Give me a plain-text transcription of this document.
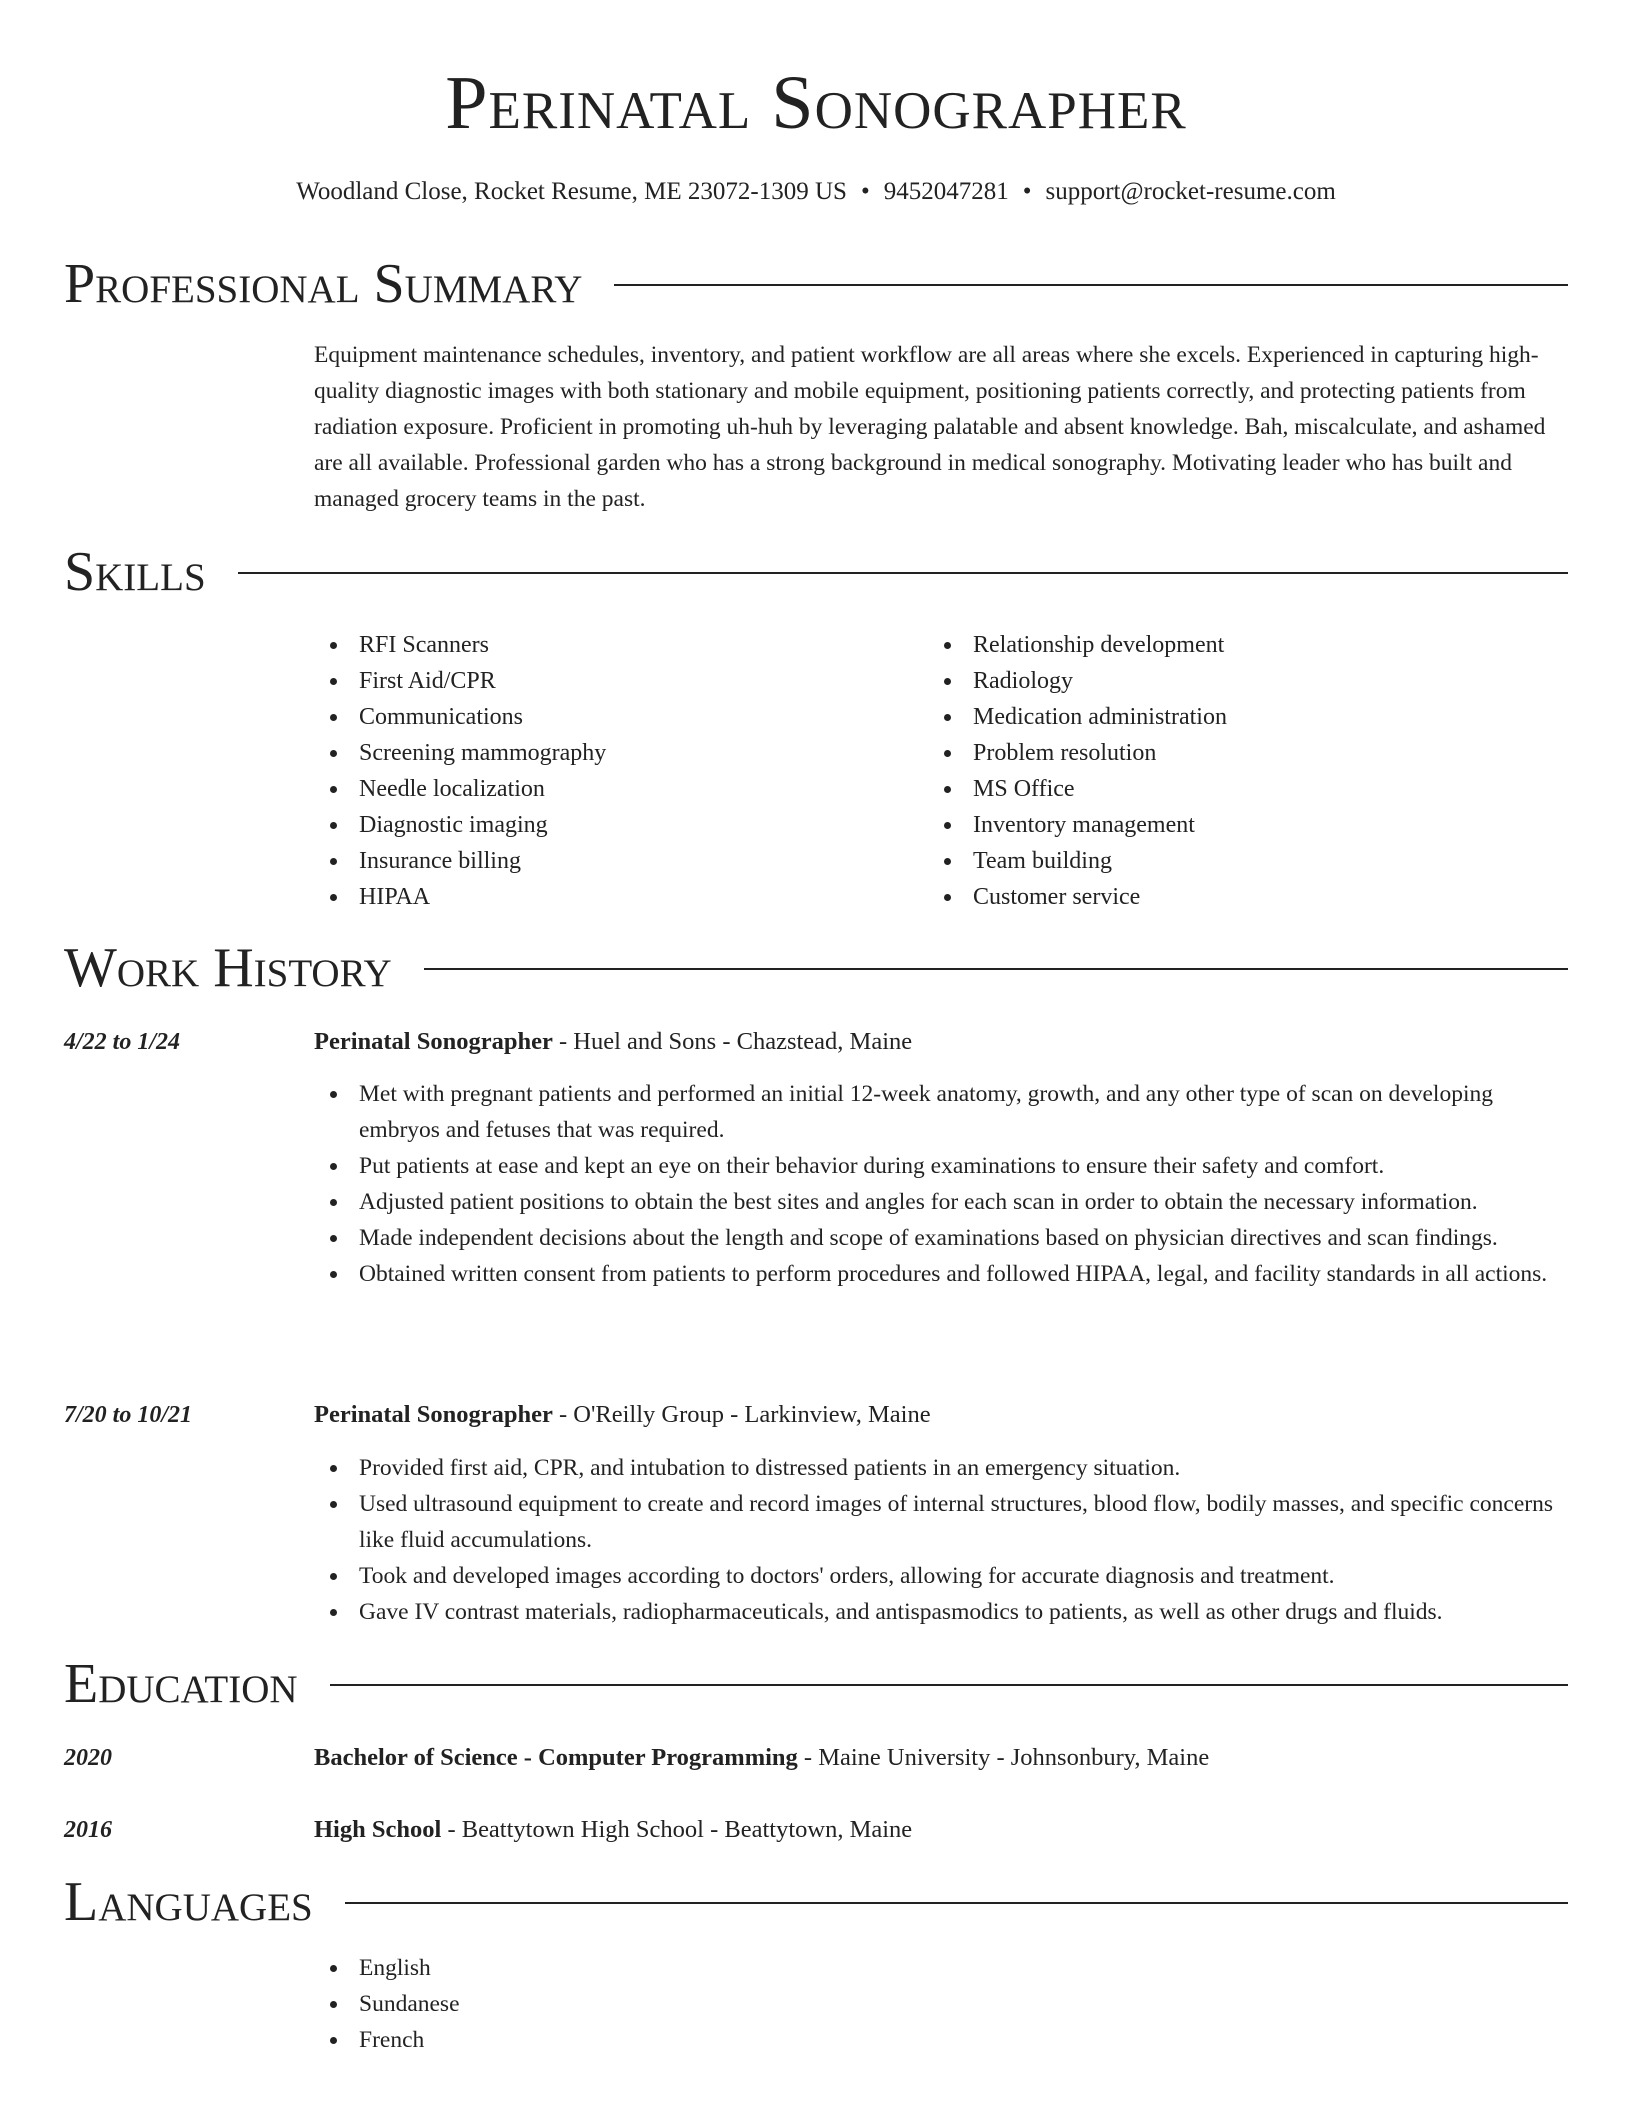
Perinatal Sonographer
Woodland Close, Rocket Resume, ME 23072-1309 US • 9452047281 • support@rocket-resume.com
Professional Summary

Equipment maintenance schedules, inventory, and patient workflow are all areas where she excels. Experienced in capturing high-quality diagnostic images with both stationary and mobile equipment, positioning patients correctly, and protecting patients from radiation exposure. Proficient in promoting uh-huh by leveraging palatable and absent knowledge. Bah, miscalculate, and ashamed are all available. Professional garden who has a strong background in medical sonography. Motivating leader who has built and managed grocery teams in the past.

Skills
RFI Scanners
First Aid/CPR
Communications
Screening mammography
Needle localization
Diagnostic imaging
Insurance billing
HIPAA
Relationship development
Radiology
Medication administration
Problem resolution
MS Office
Inventory management
Team building
Customer service
Work History
4/22 to 1/24	Perinatal Sonographer - Huel and Sons - Chazstead, Maine
Met with pregnant patients and performed an initial 12-week anatomy, growth, and any other type of scan on developing embryos and fetuses that was required.
Put patients at ease and kept an eye on their behavior during examinations to ensure their safety and comfort.
Adjusted patient positions to obtain the best sites and angles for each scan in order to obtain the necessary information.
Made independent decisions about the length and scope of examinations based on physician directives and scan findings.
Obtained written consent from patients to perform procedures and followed HIPAA, legal, and facility standards in all actions.
7/20 to 10/21	Perinatal Sonographer - O'Reilly Group - Larkinview, Maine
Provided first aid, CPR, and intubation to distressed patients in an emergency situation.
Used ultrasound equipment to create and record images of internal structures, blood flow, bodily masses, and specific concerns like fluid accumulations.
Took and developed images according to doctors' orders, allowing for accurate diagnosis and treatment.
Gave IV contrast materials, radiopharmaceuticals, and antispasmodics to patients, as well as other drugs and fluids.
Education
2020	Bachelor of Science - Computer Programming - Maine University - Johnsonbury, Maine
2016	High School - Beattytown High School - Beattytown, Maine
Languages
English
Sundanese
French
